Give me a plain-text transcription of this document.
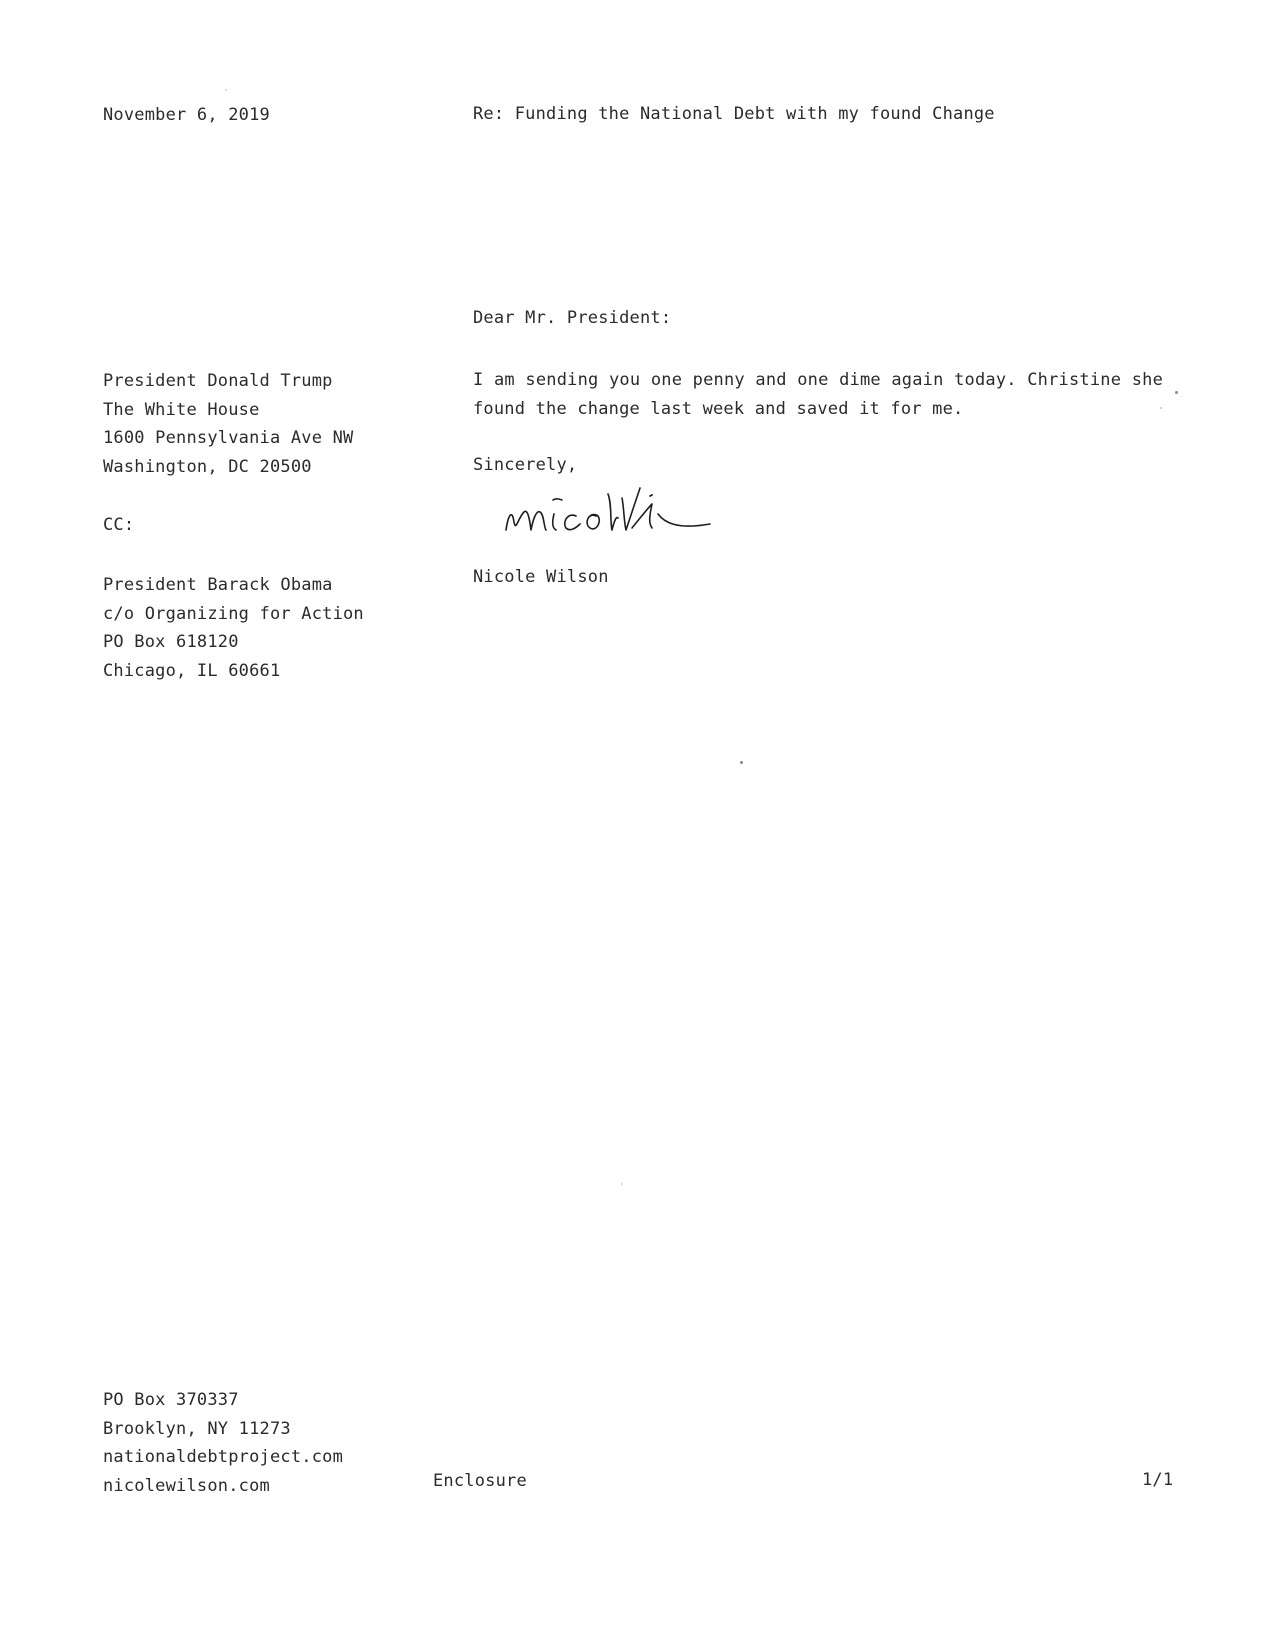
November 6, 2019	Re: Funding the National Debt with my found Change
Dear Mr. President:
President Donald Trump
The White House
1600 Pennsylvania Ave NW
Washington, DC 20500
CC:
President Barack Obama
c/o Organizing for Action
PO Box 618120
Chicago, IL 60661
I am sending you one penny and one dime again today. Christine she found the change last week and saved it for me.
Sincerely,
Nicole Wilson
PO Box 370337
Brooklyn, NY 11273
nationaldebtproject.com
nicolewilson.com	Enclosure	1/1
